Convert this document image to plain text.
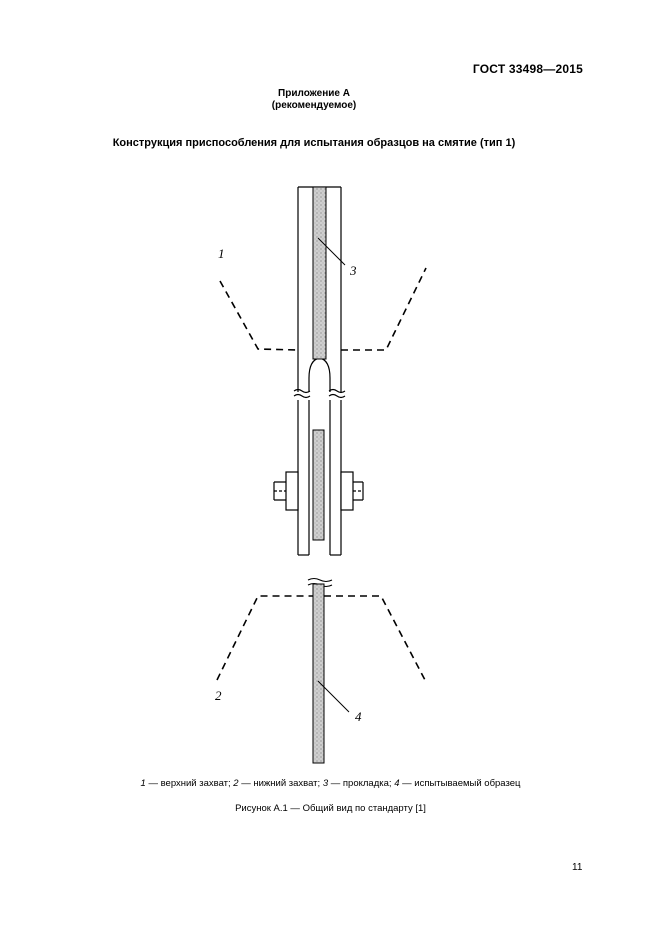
ГОСТ 33498—2015
Приложение А
(рекомендуемое)
Конструкция приспособления для испытания образцов на смятие (тип 1)
1
3
2
4
1 — верхний захват; 2 — нижний захват; 3 — прокладка; 4 — испытываемый образец
Рисунок А.1 — Общий вид по стандарту [1]
11
